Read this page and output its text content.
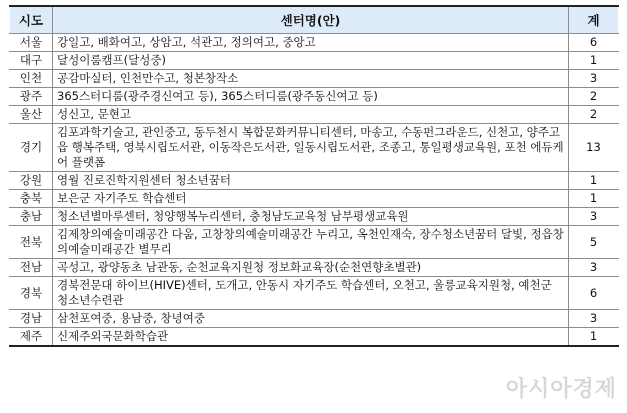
시도	센터명(안)	계
서울	강일고, 배화여고, 상암고, 석관고, 정의여고, 중앙고	6
대구	달성이룸캠프(달성중)	1
인천	공감마실터, 인천만수고, 청본창작소	3
광주	365스터디룸(광주경신여고 등), 365스터디룸(광주동신여고 등)	2
울산	성신고, 문현고	2
경기	김포과학기술고, 관인중고, 동두천시 복합문화커뮤니티센터, 마송고, 수동펀그라운드, 신천고, 양주고읍 행복주택, 영북시립도서관, 이동작은도서관, 일동시립도서관, 조종고, 통일평생교육원, 포천 에듀케어 플랫폼	13
강원	영월 진로진학지원센터 청소년꿈터	1
충북	보은군 자기주도 학습센터	1
충남	청소년별마루센터, 청양행복누리센터, 충청남도교육청 남부평생교육원	3
전북	김제창의예술미래공간 다움, 고창창의예술미래공간 누리고, 옥천인재숙, 장수청소년꿈터 달빛, 정읍창의예술미래공간 별무리	5
전남	곡성고, 광양동초 남관동, 순천교육지원청 정보화교육장(순천연향초별관)	3
경북	경북전문대 하이브(HIVE)센터, 도개고, 안동시 자기주도 학습센터, 오천고, 울릉교육지원청, 예천군 청소년수련관	6
경남	삼천포여중, 용남중, 창녕여중	3
제주	신제주외국문화학습관	1
아시아경제
